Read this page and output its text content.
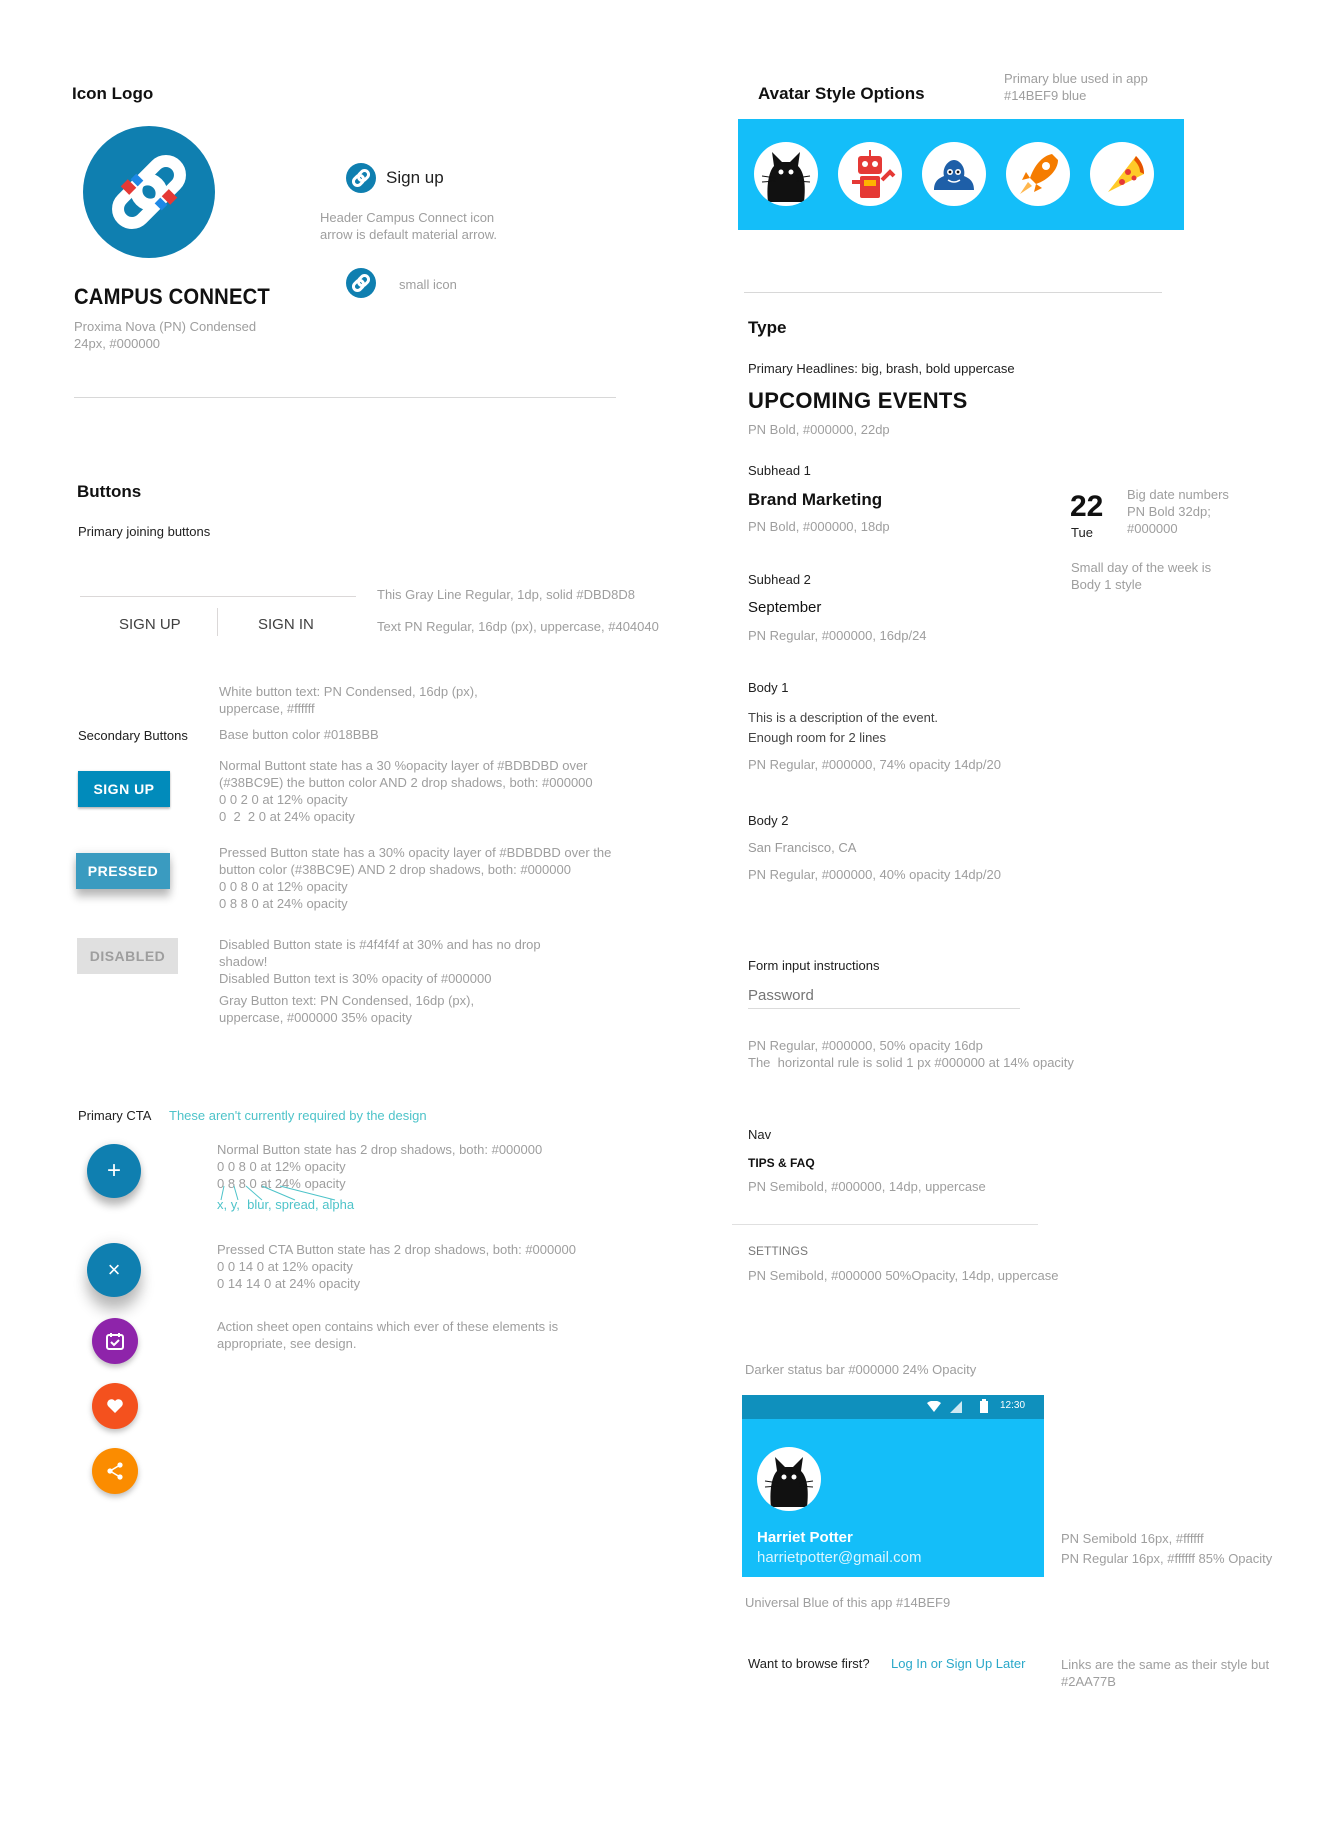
Icon Logo
CAMPUS CONNECT
Proxima Nova (PN) Condensed
24px, #000000
Sign up
Header Campus Connect icon
arrow is default material arrow.
small icon
Buttons
Primary joining buttons
This Gray Line Regular, 1dp, solid #DBD8D8
SIGN UP	SIGN IN	Text PN Regular, 16dp (px), uppercase, #404040
White button text: PN Condensed, 16dp (px),
uppercase, #ffffff
Secondary Buttons Base button color #018BBB
SIGN UP
Normal Buttont state has a 30 %opacity layer of #BDBDBD over
(#38BC9E) the button color AND 2 drop shadows, both: #000000
0 0 2 0 at 12% opacity
0  2  2 0 at 24% opacity
PRESSED
Pressed Button state has a 30% opacity layer of #BDBDBD over the
button color (#38BC9E) AND 2 drop shadows, both: #000000
0 0 8 0 at 12% opacity
0 8 8 0 at 24% opacity
DISABLED
Disabled Button state is #4f4f4f at 30% and has no drop
shadow!
Disabled Button text is 30% opacity of #000000
Gray Button text: PN Condensed, 16dp (px),
uppercase, #000000 35% opacity
Primary CTA These aren't currently required by the design
+
Normal Button state has 2 drop shadows, both: #000000
0 0 8 0 at 12% opacity
0 8 8 0 at 24% opacity
x, y,  blur, spread, alpha
×
Pressed CTA Button state has 2 drop shadows, both: #000000
0 0 14 0 at 12% opacity
0 14 14 0 at 24% opacity
Action sheet open contains which ever of these elements is
appropriate, see design.
Avatar Style Options
Primary blue used in app
#14BEF9 blue
Type
Primary Headlines: big, brash, bold uppercase
UPCOMING EVENTS
PN Bold, #000000, 22dp
Subhead 1
Brand Marketing
PN Bold, #000000, 18dp
22
Tue
Big date numbers
PN Bold 32dp;
#000000
Small day of the week is
Body 1 style
Subhead 2
September
PN Regular, #000000, 16dp/24
Body 1
This is a description of the event.
Enough room for 2 lines
PN Regular, #000000, 74% opacity 14dp/20
Body 2
San Francisco, CA
PN Regular, #000000, 40% opacity 14dp/20
Form input instructions
Password
PN Regular, #000000, 50% opacity 16dp
The  horizontal rule is solid 1 px #000000 at 14% opacity
Nav
TIPS & FAQ
PN Semibold, #000000, 14dp, uppercase
SETTINGS
PN Semibold, #000000 50%Opacity, 14dp, uppercase
Darker status bar #000000 24% Opacity
12:30
Harriet Potter
harrietpotter@gmail.com
PN Semibold 16px, #ffffff
PN Regular 16px, #ffffff 85% Opacity
Universal Blue of this app #14BEF9
Want to browse first? Log In or Sign Up Later	Links are the same as their style but
#2AA77B
